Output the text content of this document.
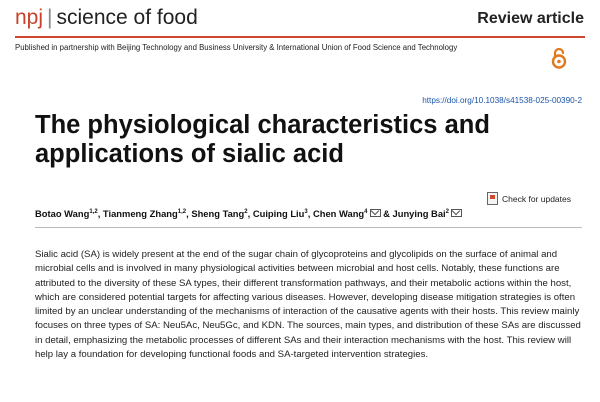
npj | science of food	Review article
Published in partnership with Beijing Technology and Business University & International Union of Food Science and Technology
https://doi.org/10.1038/s41538-025-00390-2
The physiological characteristics and applications of sialic acid
Check for updates
Botao Wang$^{1,2}$, Tianmeng Zhang$^{1,2}$, Sheng Tang$^2$, Cuiping Liu$^3$, Chen Wang$^4$ & Junying Bai$^2$

Sialic acid (SA) is widely present at the end of the sugar chain of glycoproteins and glycolipids on the surface of animal and microbial cells and is involved in many physiological activities between microbial and host cells. Notably, these functions are attributed to the diversity of these SA types, their different transformation pathways, and their metabolic actions within the host, which are considered potential targets for affecting various diseases. However, developing disease mitigation strategies is often limited by an unclear understanding of the mechanisms of interaction of the causative agents with their hosts. This review mainly focuses on three types of SA: Neu5Ac, Neu5Gc, and KDN. The sources, main types, and distribution of these SAs are discussed in detail, emphasizing the metabolic processes of different SAs and their interaction mechanisms with the host. This review will help lay a foundation for developing functional foods and SA-targeted intervention strategies.
